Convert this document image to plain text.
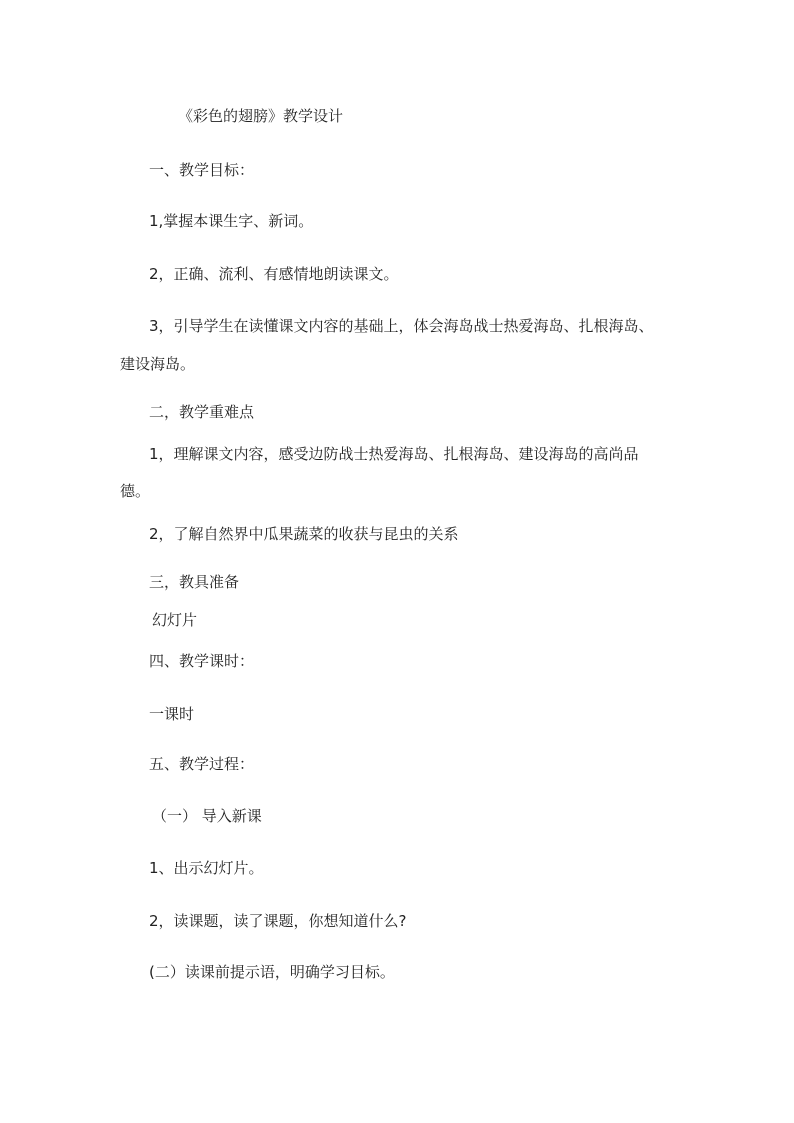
《彩色的翅膀》教学设计
一、教学目标：
1,掌握本课生字、新词。
2，正确、流利、有感情地朗读课文。
3，引导学生在读懂课文内容的基础上，体会海岛战士热爱海岛、扎根海岛、
建设海岛。
二，教学重难点
1，理解课文内容，感受边防战士热爱海岛、扎根海岛、建设海岛的高尚品
德。
2，了解自然界中瓜果蔬菜的收获与昆虫的关系
三，教具准备
幻灯片
四、教学课时：
一课时
五、教学过程：
（一） 导入新课
1、出示幻灯片。
2，读课题，读了课题，你想知道什么?
(二）读课前提示语，明确学习目标。
